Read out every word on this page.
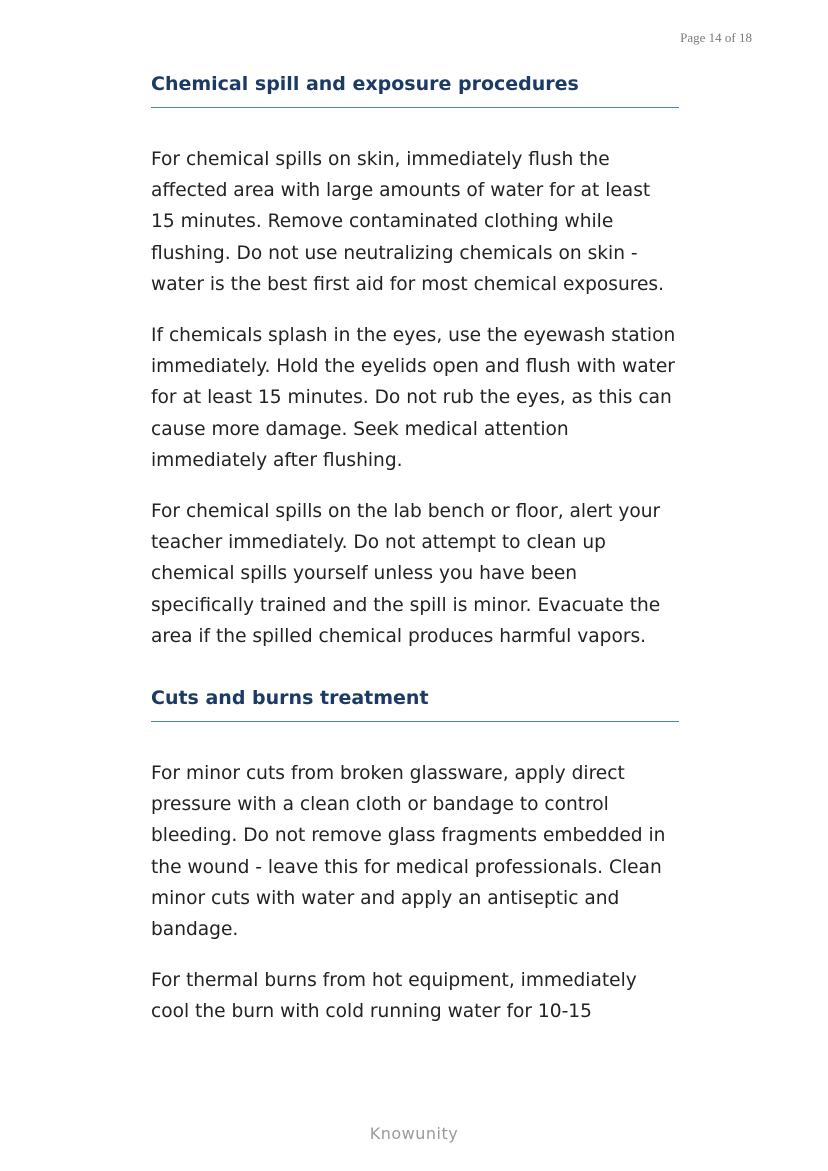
Page 14 of 18
Chemical spill and exposure procedures

For chemical spills on skin, immediately flush the affected area with large amounts of water for at least 15 minutes. Remove contaminated clothing while flushing. Do not use neutralizing chemicals on skin - water is the best first aid for most chemical exposures.

If chemicals splash in the eyes, use the eyewash station immediately. Hold the eyelids open and flush with water for at least 15 minutes. Do not rub the eyes, as this can cause more damage. Seek medical attention immediately after flushing.

For chemical spills on the lab bench or floor, alert your teacher immediately. Do not attempt to clean up chemical spills yourself unless you have been specifically trained and the spill is minor. Evacuate the area if the spilled chemical produces harmful vapors.

Cuts and burns treatment

For minor cuts from broken glassware, apply direct pressure with a clean cloth or bandage to control bleeding. Do not remove glass fragments embedded in the wound - leave this for medical professionals. Clean minor cuts with water and apply an antiseptic and bandage.

For thermal burns from hot equipment, immediately cool the burn with cold running water for 10-15

Knowunity
